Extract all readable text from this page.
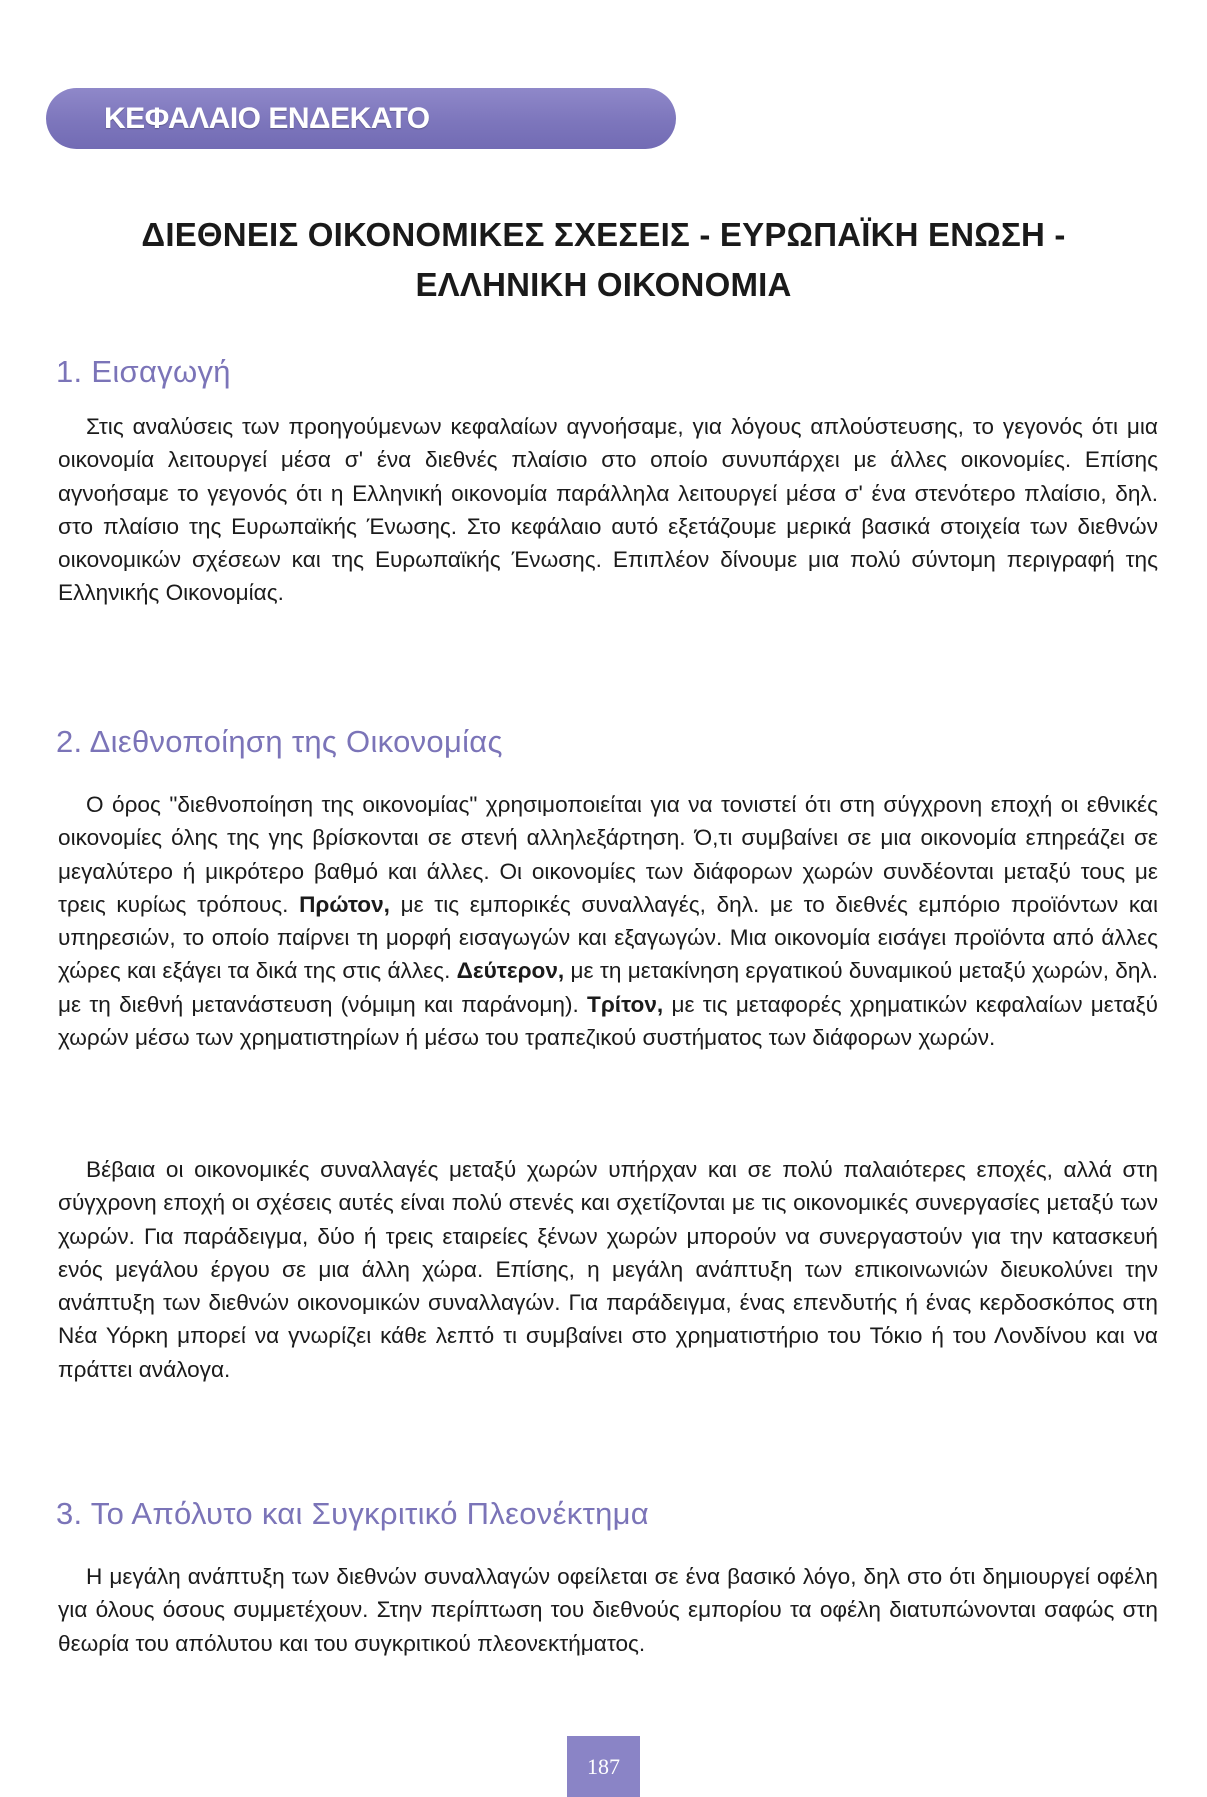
ΚΕΦΑΛΑΙΟ ΕΝΔΕΚΑΤΟ
ΔΙΕΘΝΕΙΣ ΟΙΚΟΝΟΜΙΚΕΣ ΣΧΕΣΕΙΣ - ΕΥΡΩΠΑΪΚΗ ΕΝΩΣΗ -
ΕΛΛΗΝΙΚΗ ΟΙΚΟΝΟΜΙΑ
1. Εισαγωγή

Στις αναλύσεις των προηγούμενων κεφαλαίων αγνοήσαμε, για λόγους απλούστευσης, το γεγονός ότι μια οικονομία λειτουργεί μέσα σ' ένα διεθνές πλαίσιο στο οποίο συνυπάρχει με άλλες οικονομίες. Επίσης αγνοήσαμε το γεγονός ότι η Ελληνική οικονομία παράλληλα λειτουργεί μέσα σ' ένα στενότερο πλαίσιο, δηλ. στο πλαίσιο της Ευρωπαϊκής Ένωσης. Στο κεφάλαιο αυτό εξετάζουμε μερικά βασικά στοιχεία των διεθνών οικονομικών σχέσεων και της Ευρωπαϊκής Ένωσης. Επιπλέον δίνουμε μια πολύ σύντομη περιγραφή της Ελληνικής Οικονομίας.

2. Διεθνοποίηση της Οικονομίας

Ο όρος "διεθνοποίηση της οικονομίας" χρησιμοποιείται για να τονιστεί ότι στη σύγχρονη εποχή οι εθνικές οικονομίες όλης της γης βρίσκονται σε στενή αλληλεξάρτηση. Ό,τι συμβαίνει σε μια οικονομία επηρεάζει σε μεγαλύτερο ή μικρότερο βαθμό και άλλες. Οι οικονομίες των διάφορων χωρών συνδέονται μεταξύ τους με τρεις κυρίως τρόπους. Πρώτον, με τις εμπορικές συναλλαγές, δηλ. με το διεθνές εμπόριο προϊόντων και υπηρεσιών, το οποίο παίρνει τη μορφή εισαγωγών και εξαγωγών. Μια οικονομία εισάγει προϊόντα από άλλες χώρες και εξάγει τα δικά της στις άλλες. Δεύτερον, με τη μετακίνηση εργατικού δυναμικού μεταξύ χωρών, δηλ. με τη διεθνή μετανάστευση (νόμιμη και παράνομη). Τρίτον, με τις μεταφορές χρηματικών κεφαλαίων μεταξύ χωρών μέσω των χρηματιστηρίων ή μέσω του τραπεζικού συστήματος των διάφορων χωρών.

Βέβαια οι οικονομικές συναλλαγές μεταξύ χωρών υπήρχαν και σε πολύ παλαιότερες εποχές, αλλά στη σύγχρονη εποχή οι σχέσεις αυτές είναι πολύ στενές και σχετίζονται με τις οικονομικές συνεργασίες μεταξύ των χωρών. Για παράδειγμα, δύο ή τρεις εταιρείες ξένων χωρών μπορούν να συνεργαστούν για την κατασκευή ενός μεγάλου έργου σε μια άλλη χώρα. Επίσης, η μεγάλη ανάπτυξη των επικοινωνιών διευκολύνει την ανάπτυξη των διεθνών οικονομικών συναλλαγών. Για παράδειγμα, ένας επενδυτής ή ένας κερδοσκόπος στη Νέα Υόρκη μπορεί να γνωρίζει κάθε λεπτό τι συμβαίνει στο χρηματιστήριο του Τόκιο ή του Λονδίνου και να πράττει ανάλογα.

3. Το Απόλυτο και Συγκριτικό Πλεονέκτημα

Η μεγάλη ανάπτυξη των διεθνών συναλλαγών οφείλεται σε ένα βασικό λόγο, δηλ στο ότι δημιουργεί οφέλη για όλους όσους συμμετέχουν. Στην περίπτωση του διεθνούς εμπορίου τα οφέλη διατυπώνονται σαφώς στη θεωρία του απόλυτου και του συγκριτικού πλεονεκτήματος.

187
